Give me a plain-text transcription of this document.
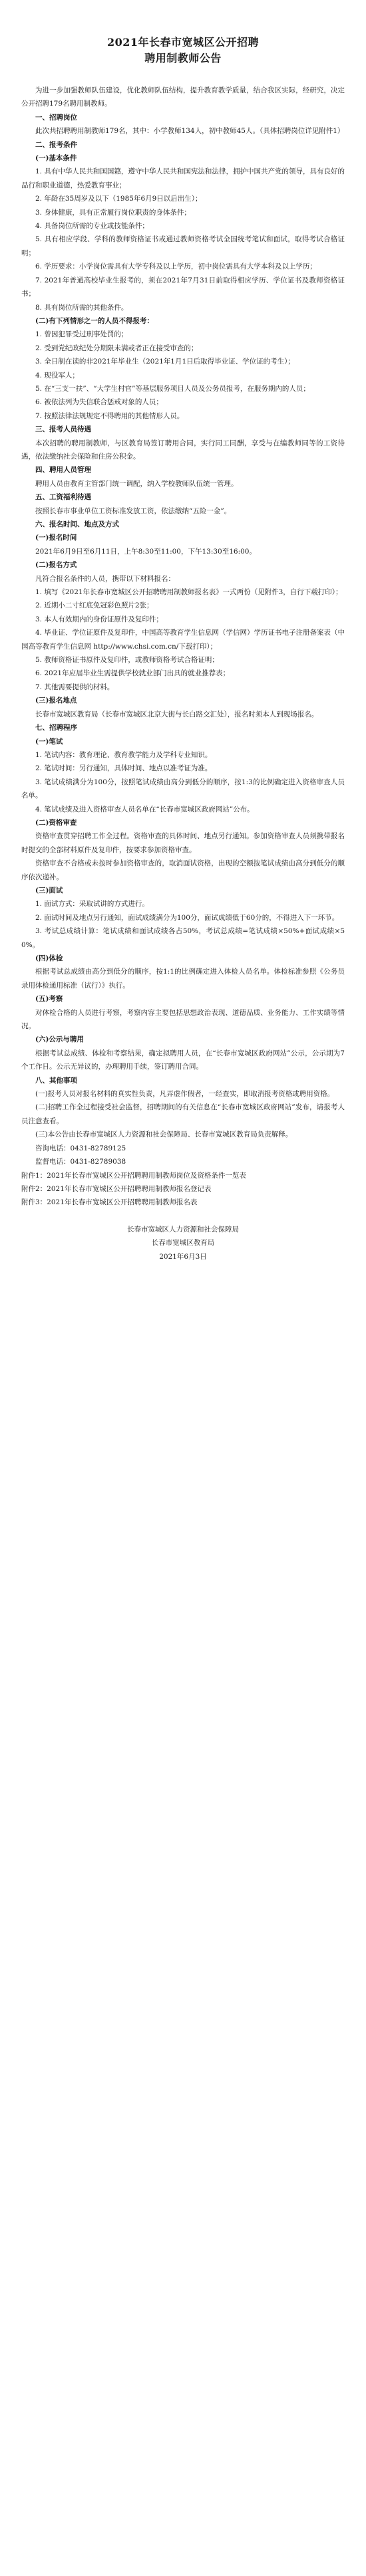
2021年长春市宽城区公开招聘
聘用制教师公告
为进一步加强教师队伍建设，优化教师队伍结构，提升教育教学质量，结合我区实际，经研究，决定公开招聘179名聘用制教师。
一、招聘岗位
此次共招聘聘用制教师179名，其中：小学教师134人，初中教师45人。（具体招聘岗位详见附件1）
二、报考条件
(一)基本条件
1. 具有中华人民共和国国籍，遵守中华人民共和国宪法和法律，拥护中国共产党的领导，具有良好的品行和职业道德，热爱教育事业；
2. 年龄在35周岁及以下（1985年6月9日以后出生）；
3. 身体健康，具有正常履行岗位职责的身体条件；
4. 具备岗位所需的专业或技能条件；
5. 具有相应学段、学科的教师资格证书或通过教师资格考试全国统考笔试和面试，取得考试合格证明；
6. 学历要求：小学岗位需具有大学专科及以上学历，初中岗位需具有大学本科及以上学历；
7. 2021年普通高校毕业生报考的，须在2021年7月31日前取得相应学历、学位证书及教师资格证书；
8. 具有岗位所需的其他条件。
(二)有下列情形之一的人员不得报考：
1. 曾因犯罪受过刑事处罚的；
2. 受到党纪政纪处分期限未满或者正在接受审查的；
3. 全日制在读的非2021年毕业生（2021年1月1日后取得毕业证、学位证的考生）；
4. 现役军人；
5. 在“三支一扶”、“大学生村官”等基层服务项目人员及公务员报考，在服务期内的人员；
6. 被依法列为失信联合惩戒对象的人员；
7. 按照法律法规规定不得聘用的其他情形人员。
三、报考人员待遇
本次招聘的聘用制教师，与区教育局签订聘用合同，实行同工同酬，享受与在编教师同等的工资待遇，依法缴纳社会保险和住房公积金。
四、聘用人员管理
聘用人员由教育主管部门统一调配，纳入学校教师队伍统一管理。
五、工资福利待遇
按照长春市事业单位工资标准发放工资，依法缴纳“五险一金”。
六、报名时间、地点及方式
(一)报名时间
2021年6月9日至6月11日，上午8:30至11:00，下午13:30至16:00。
(二)报名方式
凡符合报名条件的人员，携带以下材料报名：
1. 填写《2021年长春市宽城区公开招聘聘用制教师报名表》一式两份（见附件3，自行下载打印）；
2. 近期小二寸红底免冠彩色照片2张；
3. 本人有效期内的身份证原件及复印件；
4. 毕业证、学位证原件及复印件，中国高等教育学生信息网（学信网）学历证书电子注册备案表（中国高等教育学生信息网 http://www.chsi.com.cn/下载打印）；
5. 教师资格证书原件及复印件，或教师资格考试合格证明；
6. 2021年应届毕业生需提供学校就业部门出具的就业推荐表；
7. 其他需要提供的材料。
(三)报名地点
长春市宽城区教育局（长春市宽城区北京大街与长白路交汇处），报名时须本人到现场报名。
七、招聘程序
(一)笔试
1. 笔试内容：教育理论、教育教学能力及学科专业知识。
2. 笔试时间：另行通知，具体时间、地点以准考证为准。
3. 笔试成绩满分为100分，按照笔试成绩由高分到低分的顺序，按1:3的比例确定进入资格审查人员名单。
4. 笔试成绩及进入资格审查人员名单在“长春市宽城区政府网站”公布。
(二)资格审查
资格审查贯穿招聘工作全过程。资格审查的具体时间、地点另行通知。参加资格审查人员须携带报名时提交的全部材料原件及复印件，按要求参加资格审查。
资格审查不合格或未按时参加资格审查的，取消面试资格，出现的空额按笔试成绩由高分到低分的顺序依次递补。
(三)面试
1. 面试方式：采取试讲的方式进行。
2. 面试时间及地点另行通知，面试成绩满分为100分，面试成绩低于60分的，不得进入下一环节。
3. 考试总成绩计算：笔试成绩和面试成绩各占50%，考试总成绩=笔试成绩×50%+面试成绩×50%。
(四)体检
根据考试总成绩由高分到低分的顺序，按1:1的比例确定进入体检人员名单。体检标准参照《公务员录用体检通用标准（试行）》执行。
(五)考察
对体检合格的人员进行考察，考察内容主要包括思想政治表现、道德品质、业务能力、工作实绩等情况。
(六)公示与聘用
根据考试总成绩、体检和考察结果，确定拟聘用人员，在“长春市宽城区政府网站”公示，公示期为7个工作日。公示无异议的，办理聘用手续，签订聘用合同。
八、其他事项
(一)报考人员对报名材料的真实性负责，凡弄虚作假者，一经查实，即取消报考资格或聘用资格。
(二)招聘工作全过程接受社会监督，招聘期间的有关信息在“长春市宽城区政府网站”发布，请报考人员注意查看。
(三)本公告由长春市宽城区人力资源和社会保障局、长春市宽城区教育局负责解释。
咨询电话：0431-82789125
监督电话：0431-82789038
附件1：2021年长春市宽城区公开招聘聘用制教师岗位及资格条件一览表
附件2：2021年长春市宽城区公开招聘聘用制教师报名登记表
附件3：2021年长春市宽城区公开招聘聘用制教师报名表
长春市宽城区人力资源和社会保障局
长春市宽城区教育局
2021年6月3日
